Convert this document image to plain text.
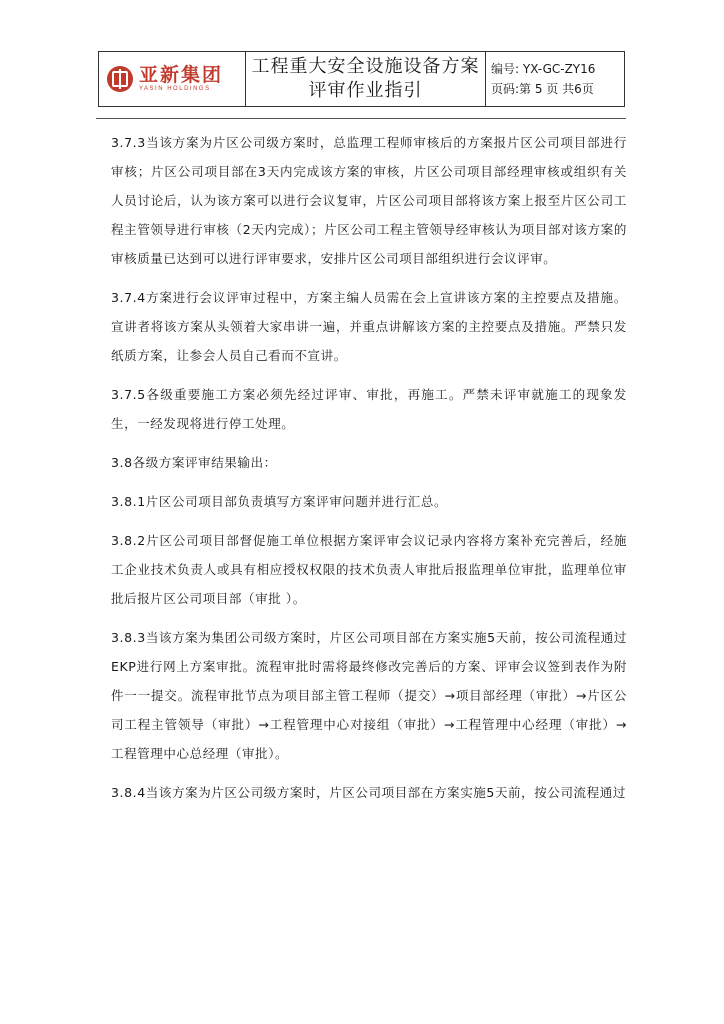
亚新集团
YASIN HOLDINGS
工程重大安全设施设备方案
评审作业指引
编号: YX-GC-ZY16
页码:第 5 页 共6页

3.7.3当该方案为片区公司级方案时，总监理工程师审核后的方案报片区公司项目部进行审核；片区公司项目部在3天内完成该方案的审核，片区公司项目部经理审核或组织有关人员讨论后，认为该方案可以进行会议复审，片区公司项目部将该方案上报至片区公司工程主管领导进行审核（2天内完成）；片区公司工程主管领导经审核认为项目部对该方案的审核质量已达到可以进行评审要求，安排片区公司项目部组织进行会议评审。

3.7.4方案进行会议评审过程中，方案主编人员需在会上宣讲该方案的主控要点及措施。宣讲者将该方案从头领着大家串讲一遍，并重点讲解该方案的主控要点及措施。严禁只发纸质方案，让参会人员自己看而不宣讲。

3.7.5各级重要施工方案必须先经过评审、审批，再施工。严禁未评审就施工的现象发生，一经发现将进行停工处理。

3.8各级方案评审结果输出：

3.8.1片区公司项目部负责填写方案评审问题并进行汇总。

3.8.2片区公司项目部督促施工单位根据方案评审会议记录内容将方案补充完善后，经施工企业技术负责人或具有相应授权权限的技术负责人审批后报监理单位审批，监理单位审批后报片区公司项目部（审批 ）。

3.8.3当该方案为集团公司级方案时，片区公司项目部在方案实施5天前，按公司流程通过EKP进行网上方案审批。流程审批时需将最终修改完善后的方案、评审会议签到表作为附件一一提交。流程审批节点为项目部主管工程师（提交）→项目部经理（审批）→片区公司工程主管领导（审批）→工程管理中心对接组（审批）→工程管理中心经理（审批）→工程管理中心总经理（审批）。

3.8.4当该方案为片区公司级方案时，片区公司项目部在方案实施5天前，按公司流程通过
